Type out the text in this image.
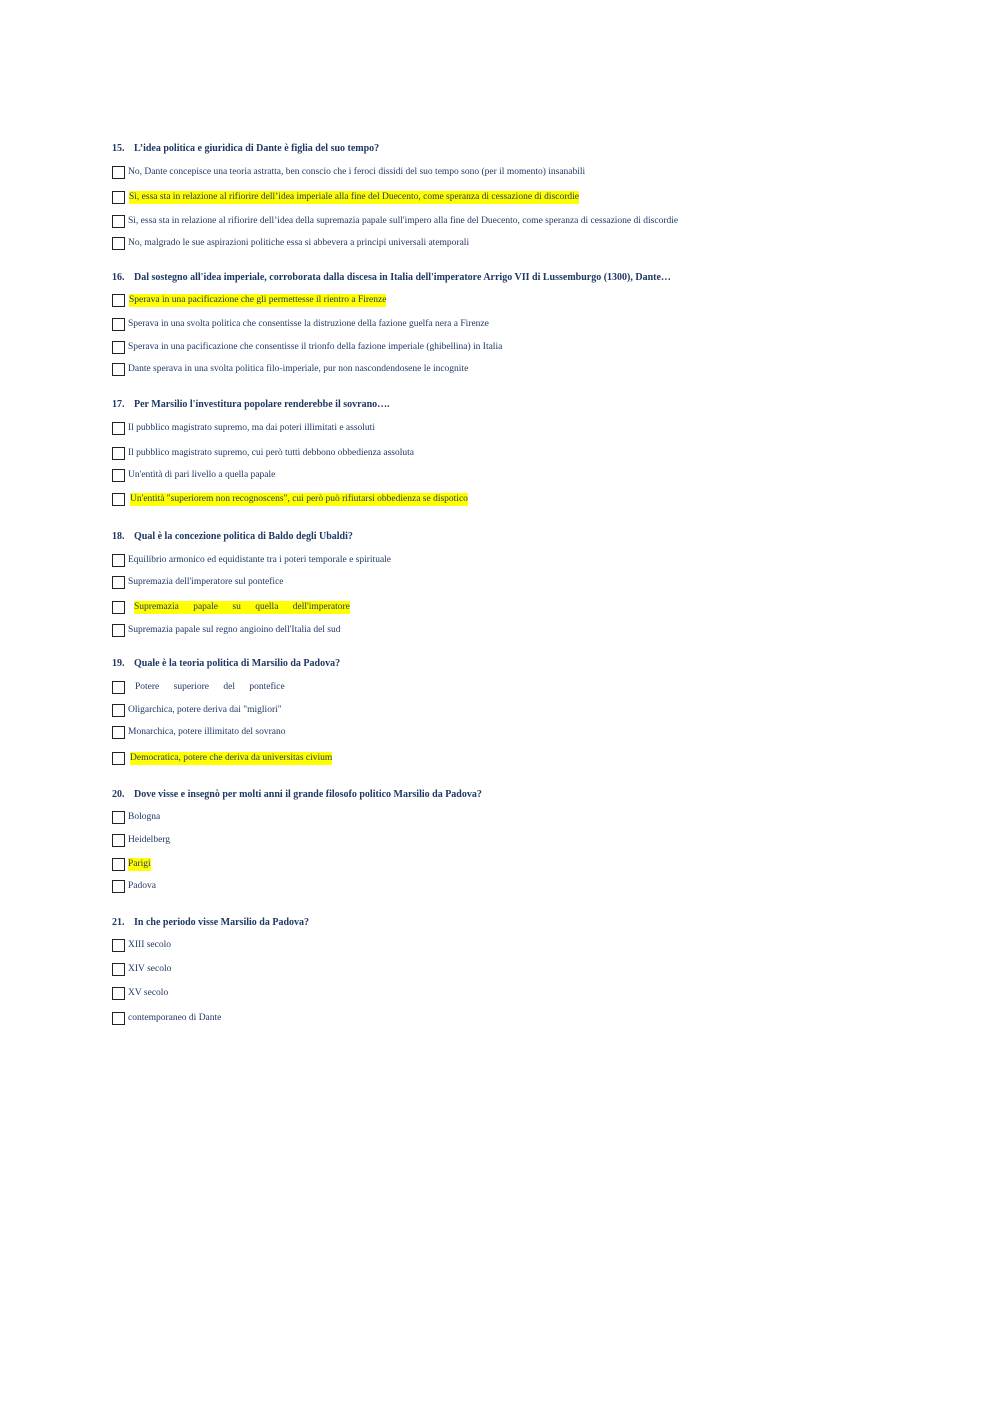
15. L’idea politica e giuridica di Dante è figlia del suo tempo?
No, Dante concepisce una teoria astratta, ben conscio che i feroci dissidi del suo tempo sono (per il momento) insanabili
Sì, essa sta in relazione al rifiorire dell’idea imperiale alla fine del Duecento, come speranza di cessazione di discordie
Sì, essa sta in relazione al rifiorire dell’idea della supremazia papale sull'impero alla fine del Duecento, come speranza di cessazione di discordie
No, malgrado le sue aspirazioni politiche essa si abbevera a principi universali atemporali
16. Dal sostegno all'idea imperiale, corroborata dalla discesa in Italia dell'imperatore Arrigo VII di Lussemburgo (1300), Dante…
Sperava in una pacificazione che gli permettesse il rientro a Firenze
Sperava in una svolta politica che consentisse la distruzione della fazione guelfa nera a Firenze
Sperava in una pacificazione che consentisse il trionfo della fazione imperiale (ghibellina) in Italia
Dante sperava in una svolta politica filo-imperiale, pur non nascondendosene le incognite
17. Per Marsilio l'investitura popolare renderebbe il sovrano….
Il pubblico magistrato supremo, ma dai poteri illimitati e assoluti
Il pubblico magistrato supremo, cui però tutti debbono obbedienza assoluta
Un'entità di pari livello a quella papale
Un'entità "superiorem non recognoscens", cui però può rifiutarsi obbedienza se dispotico
18. Qual è la concezione politica di Baldo degli Ubaldi?
Equilibrio armonico ed equidistante tra i poteri temporale e spirituale
Supremazia dell'imperatore sul pontefice
Supremazia papale su quella dell'imperatore
Supremazia papale sul regno angioino dell'Italia del sud
19. Quale è la teoria politica di Marsilio da Padova?
Potere superiore del pontefice
Oligarchica, potere deriva dai "migliori"
Monarchica, potere illimitato del sovrano
Democratica, potere che deriva da universitas civium
20. Dove visse e insegnò per molti anni il grande filosofo politico Marsilio da Padova?
Bologna
Heidelberg
Parigi
Padova
21. In che periodo visse Marsilio da Padova?
XIII secolo
XIV secolo
XV secolo
contemporaneo di Dante
